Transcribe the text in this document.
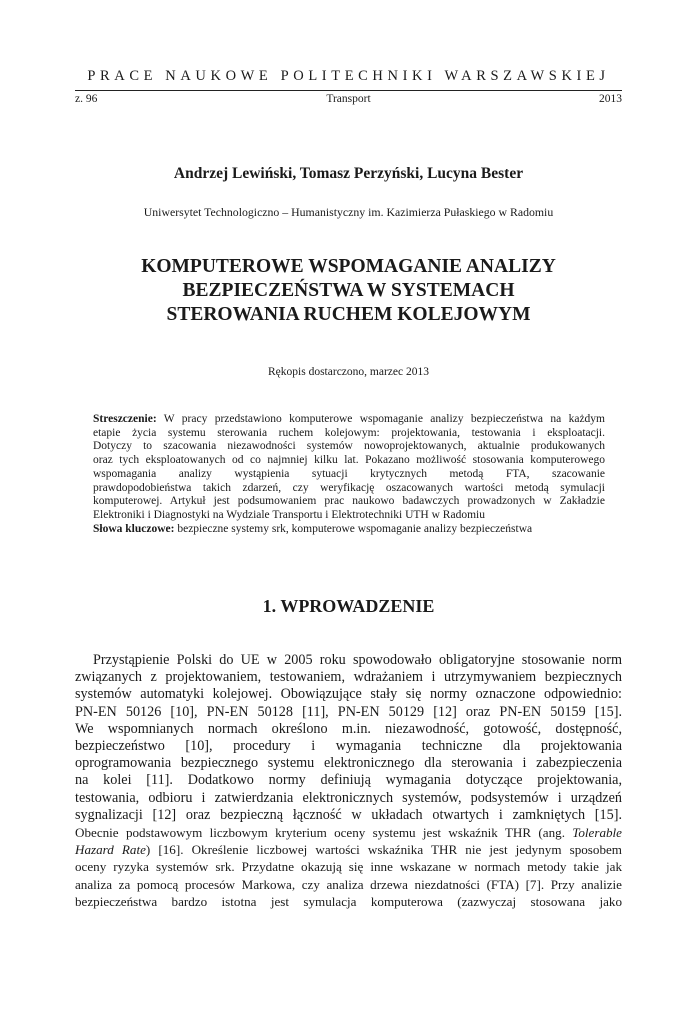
PRACE NAUKOWE POLITECHNIKI WARSZAWSKIEJ
z. 96	Transport	2013
Andrzej Lewiński, Tomasz Perzyński, Lucyna Bester
Uniwersytet Technologiczno – Humanistyczny im. Kazimierza Pułaskiego w Radomiu
KOMPUTEROWE WSPOMAGANIE ANALIZY
BEZPIECZEŃSTWA W SYSTEMACH
STEROWANIA RUCHEM KOLEJOWYM
Rękopis dostarczono, marzec 2013
Streszczenie: W pracy przedstawiono komputerowe wspomaganie analizy bezpieczeństwa na każdym
etapie życia systemu sterowania ruchem kolejowym: projektowania, testowania i eksploatacji.
Dotyczy to szacowania niezawodności systemów nowoprojektowanych, aktualnie produkowanych
oraz tych eksploatowanych od co najmniej kilku lat. Pokazano możliwość stosowania komputerowego
wspomagania analizy wystąpienia sytuacji krytycznych metodą FTA, szacowanie
prawdopodobieństwa takich zdarzeń, czy weryfikację oszacowanych wartości metodą symulacji
komputerowej. Artykuł jest podsumowaniem prac naukowo badawczych prowadzonych w Zakładzie
Elektroniki i Diagnostyki na Wydziale Transportu i Elektrotechniki UTH w Radomiu
Słowa kluczowe: bezpieczne systemy srk, komputerowe wspomaganie analizy bezpieczeństwa
1. WPROWADZENIE
Przystąpienie Polski do UE w 2005 roku spowodowało obligatoryjne stosowanie norm
związanych z projektowaniem, testowaniem, wdrażaniem i utrzymywaniem bezpiecznych
systemów automatyki kolejowej. Obowiązujące stały się normy oznaczone odpowiednio:
PN-EN 50126 [10], PN-EN 50128 [11], PN-EN 50129 [12] oraz PN-EN 50159 [15].
We wspomnianych normach określono m.in. niezawodność, gotowość, dostępność,
bezpieczeństwo [10], procedury i wymagania techniczne dla projektowania
oprogramowania bezpiecznego systemu elektronicznego dla sterowania i zabezpieczenia
na kolei [11]. Dodatkowo normy definiują wymagania dotyczące projektowania,
testowania, odbioru i zatwierdzania elektronicznych systemów, podsystemów i urządzeń
sygnalizacji [12] oraz bezpieczną łączność w układach otwartych i zamkniętych [15].
Obecnie podstawowym liczbowym kryterium oceny systemu jest wskaźnik THR (ang. Tolerable
Hazard Rate) [16]. Określenie liczbowej wartości wskaźnika THR nie jest jedynym sposobem
oceny ryzyka systemów srk. Przydatne okazują się inne wskazane w normach metody takie jak
analiza za pomocą procesów Markowa, czy analiza drzewa niezdatności (FTA) [7]. Przy analizie
bezpieczeństwa bardzo istotna jest symulacja komputerowa (zazwyczaj stosowana jako
